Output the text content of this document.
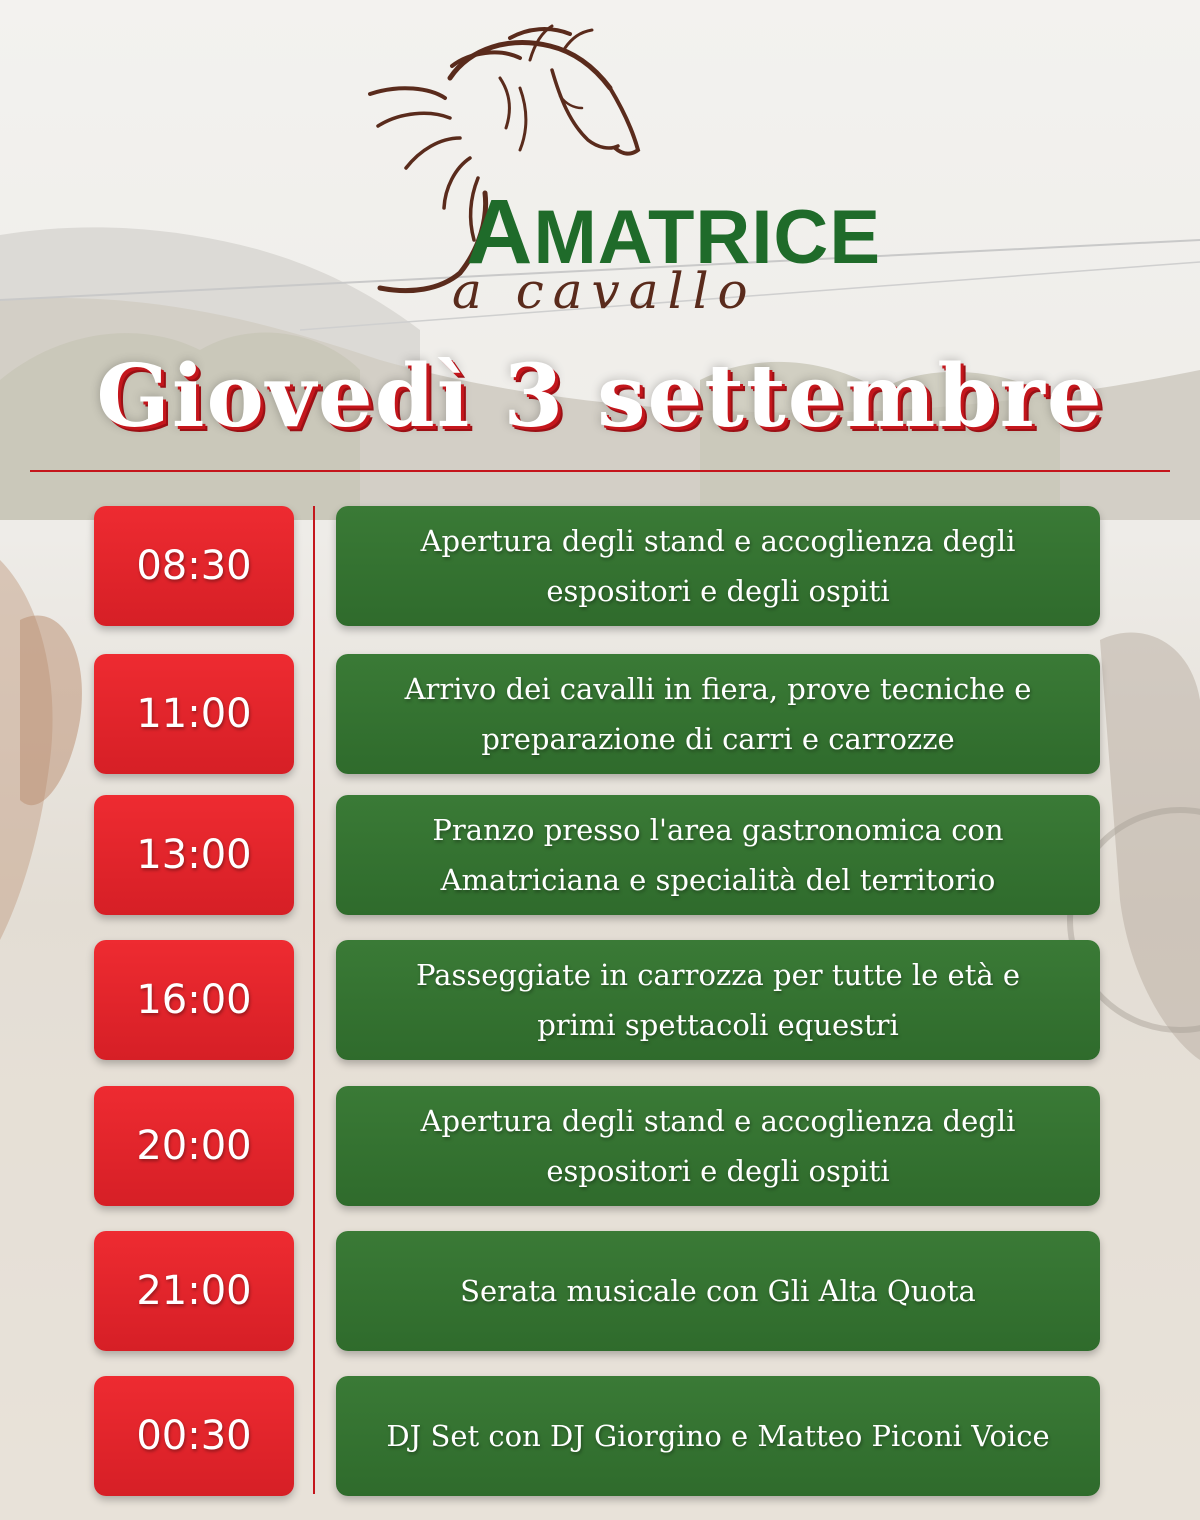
AMATRICE
a cavallo
Giovedì 3 settembre
08:30
Apertura degli stand e accoglienza degli
espositori e degli ospiti
11:00
Arrivo dei cavalli in fiera, prove tecniche e
preparazione di carri e carrozze
13:00
Pranzo presso l'area gastronomica con
Amatriciana e specialità del territorio
16:00
Passeggiate in carrozza per tutte le età e
primi spettacoli equestri
20:00
Apertura degli stand e accoglienza degli
espositori e degli ospiti
21:00	Serata musicale con Gli Alta Quota
00:30	DJ Set con DJ Giorgino e Matteo Piconi Voice
